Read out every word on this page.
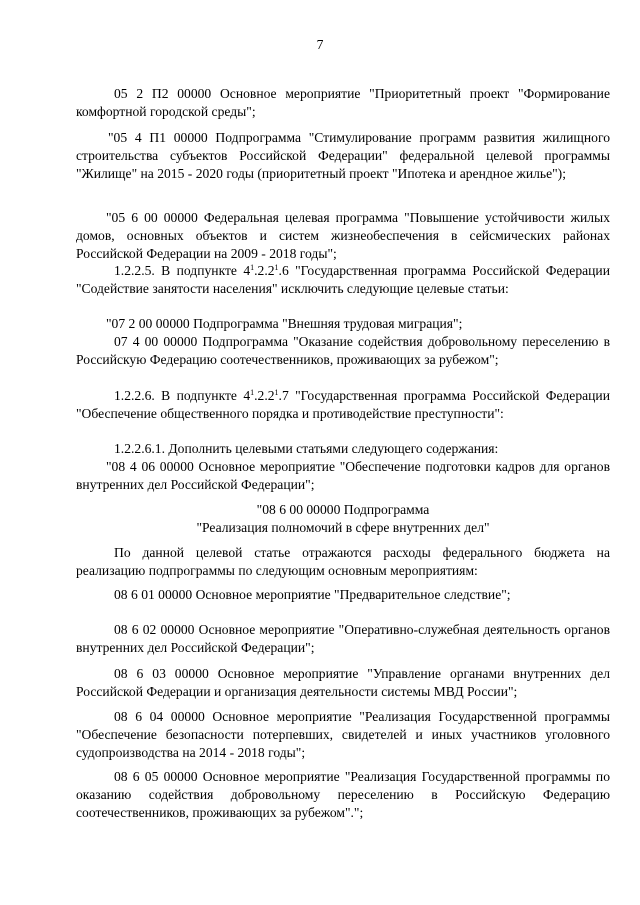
7
05 2 П2 00000 Основное мероприятие "Приоритетный проект "Формирование комфортной городской среды";
"05 4 П1 00000 Подпрограмма "Стимулирование программ развития жилищного строительства субъектов Российской Федерации" федеральной целевой программы "Жилище" на 2015 - 2020 годы (приоритетный проект "Ипотека и арендное жилье");
"05 6 00 00000 Федеральная целевая программа "Повышение устойчивости жилых домов, основных объектов и систем жизнеобеспечения в сейсмических районах Российской Федерации на 2009 - 2018 годы";
1.2.2.5. В подпункте $4^1.2.2^1.6$ "Государственная программа Российской Федерации "Содействие занятости населения" исключить следующие целевые статьи:
"07 2 00 00000 Подпрограмма "Внешняя трудовая миграция";
07 4 00 00000 Подпрограмма "Оказание содействия добровольному переселению в Российскую Федерацию соотечественников, проживающих за рубежом";
1.2.2.6. В подпункте $4^1.2.2^1.7$ "Государственная программа Российской Федерации "Обеспечение общественного порядка и противодействие преступности":
1.2.2.6.1. Дополнить целевыми статьями следующего содержания:
"08 4 06 00000 Основное мероприятие "Обеспечение подготовки кадров для органов внутренних дел Российской Федерации";
"08 6 00 00000 Подпрограмма
"Реализация полномочий в сфере внутренних дел"
По данной целевой статье отражаются расходы федерального бюджета на реализацию подпрограммы по следующим основным мероприятиям:
08 6 01 00000 Основное мероприятие "Предварительное следствие";
08 6 02 00000 Основное мероприятие "Оперативно-служебная деятельность органов внутренних дел Российской Федерации";
08 6 03 00000 Основное мероприятие "Управление органами внутренних дел Российской Федерации и организация деятельности системы МВД России";
08 6 04 00000 Основное мероприятие "Реализация Государственной программы "Обеспечение безопасности потерпевших, свидетелей и иных участников уголовного судопроизводства на 2014 - 2018 годы";
08 6 05 00000 Основное мероприятие "Реализация Государственной программы по оказанию содействия добровольному переселению в Российскую Федерацию соотечественников, проживающих за рубежом".";
